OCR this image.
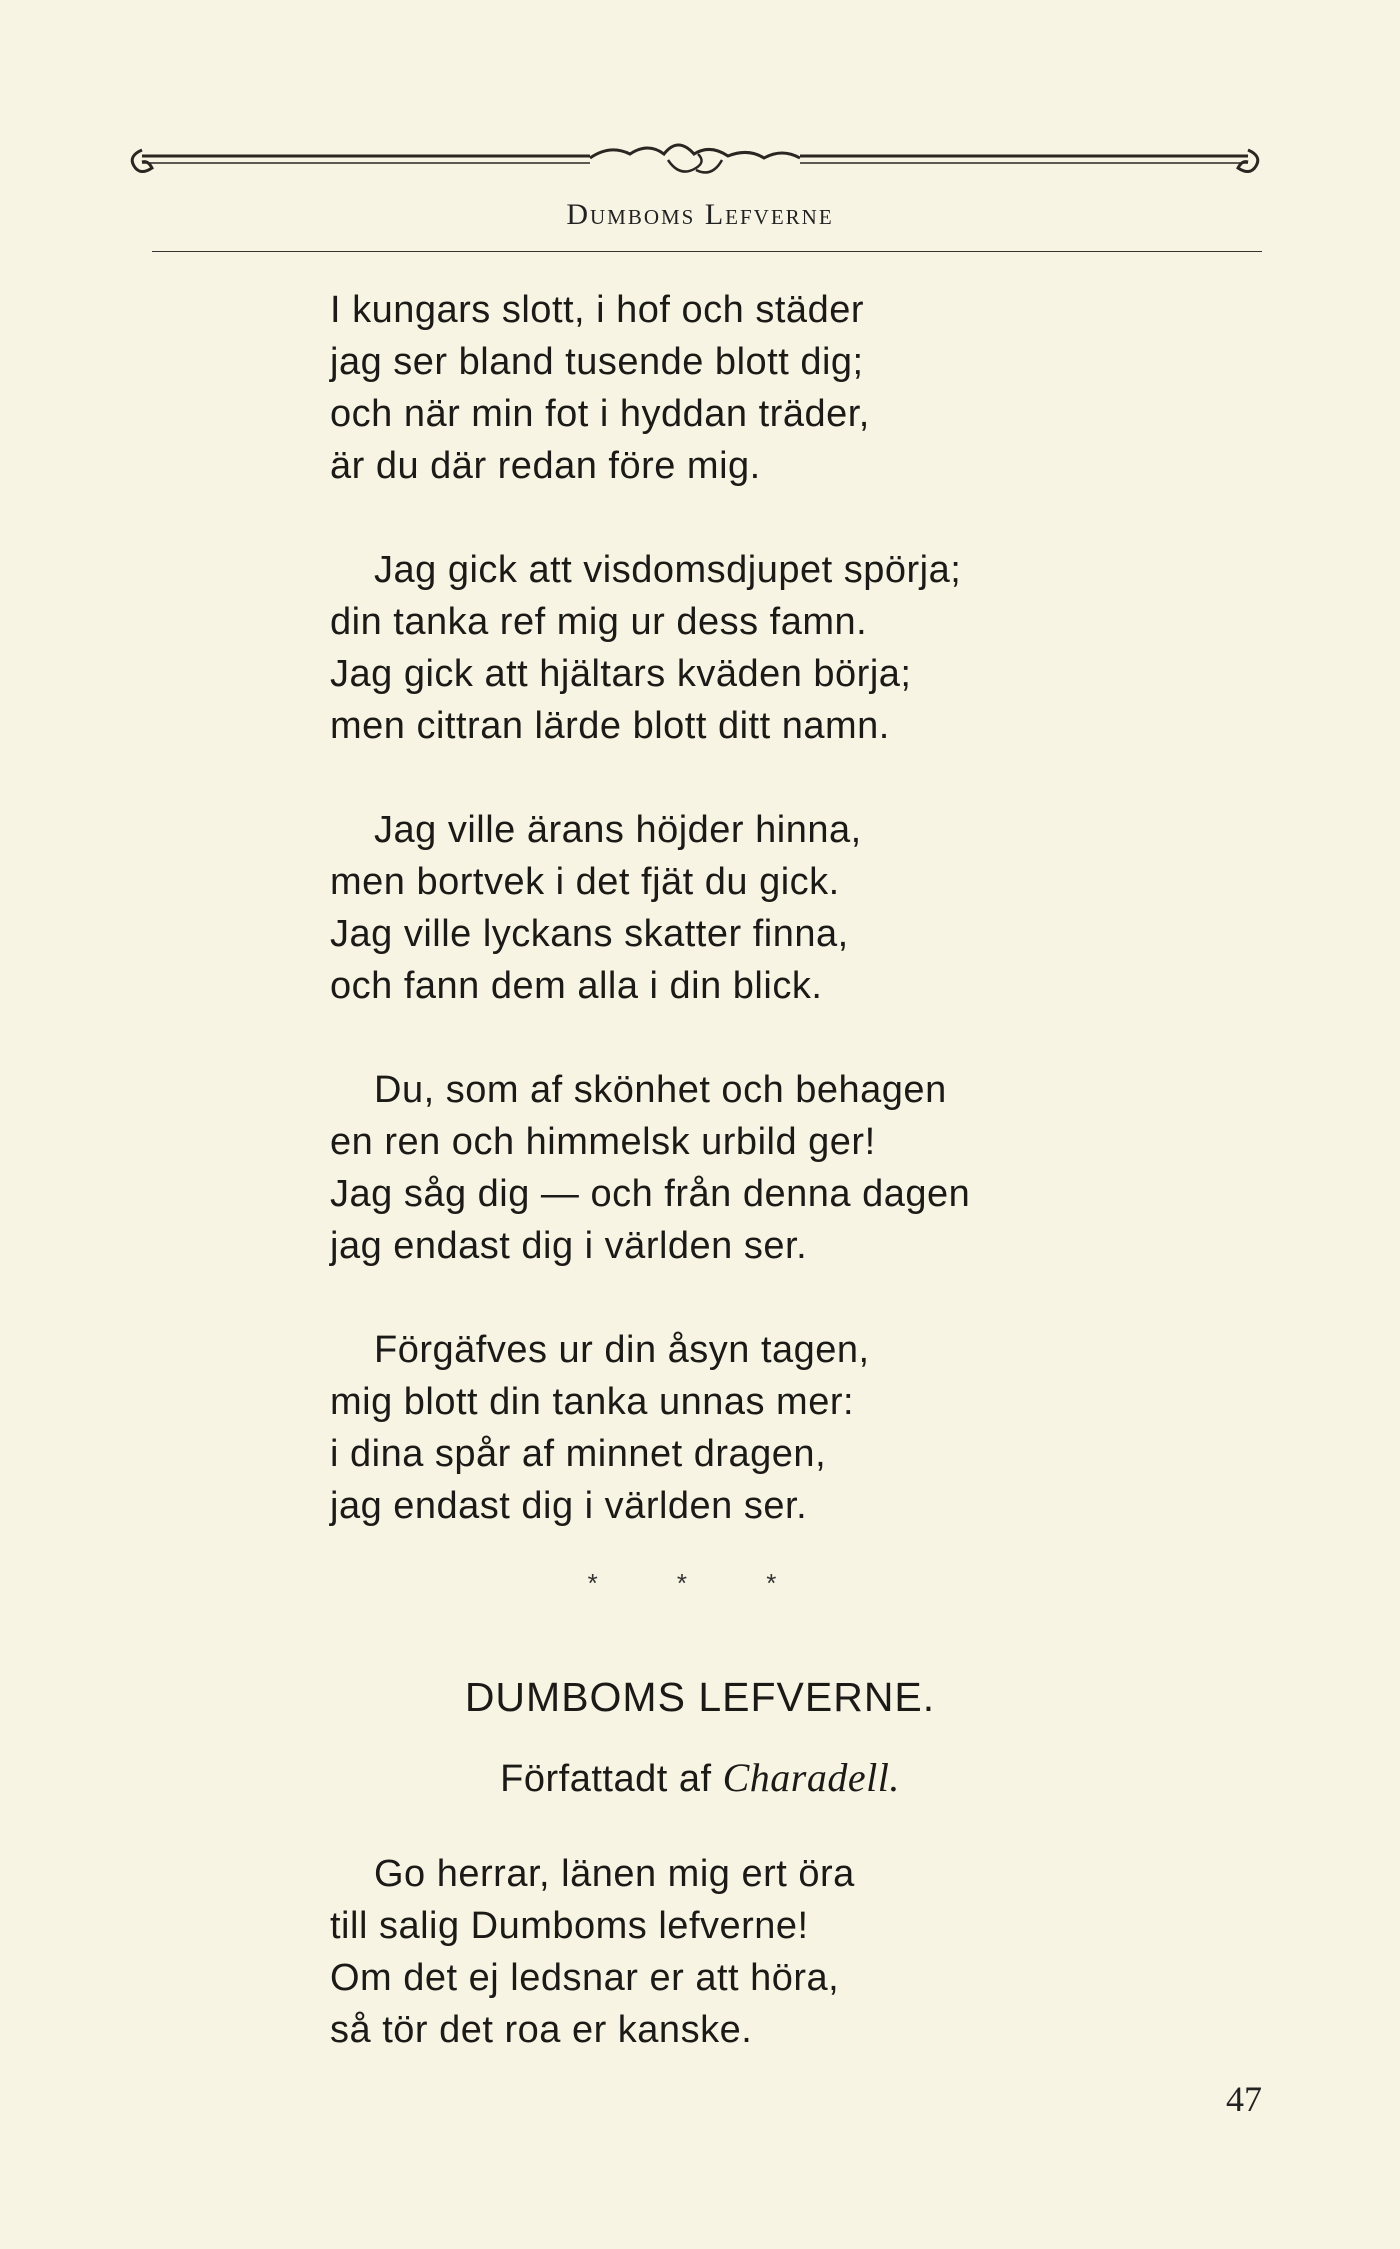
Dumboms Lefverne
I kungars slott, i hof och städer
jag ser bland tusende blott dig;
och när min fot i hyddan träder,
är du där redan före mig.
Jag gick att visdomsdjupet spörja;
din tanka ref mig ur dess famn.
Jag gick att hjältars kväden börja;
men cittran lärde blott ditt namn.
Jag ville ärans höjder hinna,
men bortvek i det fjät du gick.
Jag ville lyckans skatter finna,
och fann dem alla i din blick.
Du, som af skönhet och behagen
en ren och himmelsk urbild ger!
Jag såg dig — och från denna dagen
jag endast dig i världen ser.
Förgäfves ur din åsyn tagen,
mig blott din tanka unnas mer:
i dina spår af minnet dragen,
jag endast dig i världen ser.
* * *
DUMBOMS LEFVERNE.
Författadt af Charadell.
Go herrar, länen mig ert öra
till salig Dumboms lefverne!
Om det ej ledsnar er att höra,
så tör det roa er kanske.
47
